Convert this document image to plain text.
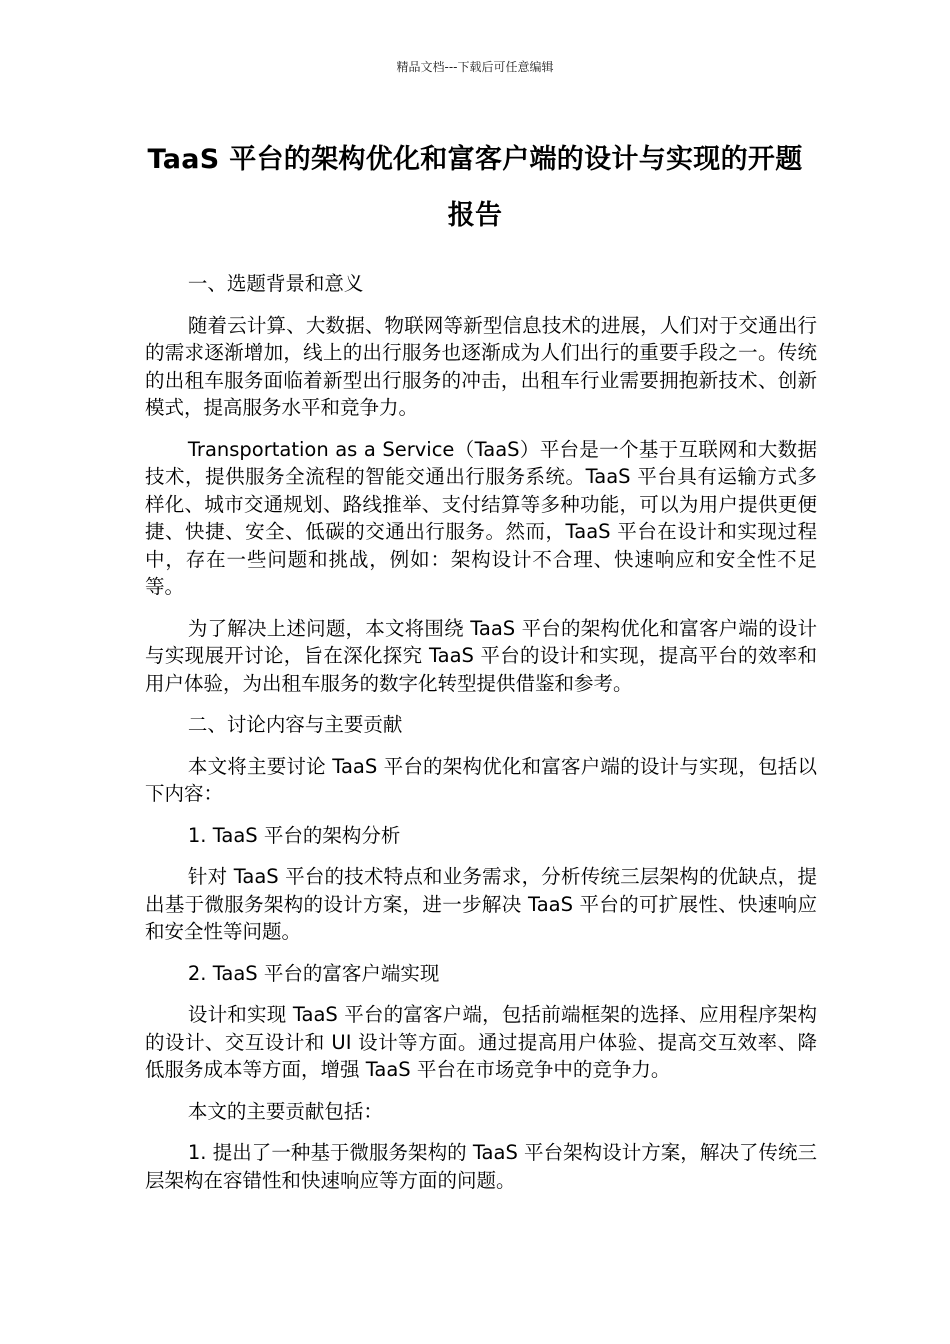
精品文档---下载后可任意编辑
TaaS 平台的架构优化和富客户端的设计与实现的开题报告
一、选题背景和意义
随着云计算、大数据、物联网等新型信息技术的进展，人们对于交通出行的需求逐渐增加，线上的出行服务也逐渐成为人们出行的重要手段之一。传统的出租车服务面临着新型出行服务的冲击，出租车行业需要拥抱新技术、创新模式，提高服务水平和竞争力。
Transportation as a Service（TaaS）平台是一个基于互联网和大数据技术，提供服务全流程的智能交通出行服务系统。TaaS 平台具有运输方式多样化、城市交通规划、路线推举、支付结算等多种功能，可以为用户提供更便捷、快捷、安全、低碳的交通出行服务。然而，TaaS 平台在设计和实现过程中，存在一些问题和挑战，例如：架构设计不合理、快速响应和安全性不足等。
为了解决上述问题，本文将围绕 TaaS 平台的架构优化和富客户端的设计与实现展开讨论，旨在深化探究 TaaS 平台的设计和实现，提高平台的效率和用户体验，为出租车服务的数字化转型提供借鉴和参考。
二、讨论内容与主要贡献
本文将主要讨论 TaaS 平台的架构优化和富客户端的设计与实现，包括以下内容：
1. TaaS 平台的架构分析
针对 TaaS 平台的技术特点和业务需求，分析传统三层架构的优缺点，提出基于微服务架构的设计方案，进一步解决 TaaS 平台的可扩展性、快速响应和安全性等问题。
2. TaaS 平台的富客户端实现
设计和实现 TaaS 平台的富客户端，包括前端框架的选择、应用程序架构的设计、交互设计和 UI 设计等方面。通过提高用户体验、提高交互效率、降低服务成本等方面，增强 TaaS 平台在市场竞争中的竞争力。
本文的主要贡献包括：
1. 提出了一种基于微服务架构的 TaaS 平台架构设计方案，解决了传统三层架构在容错性和快速响应等方面的问题。
